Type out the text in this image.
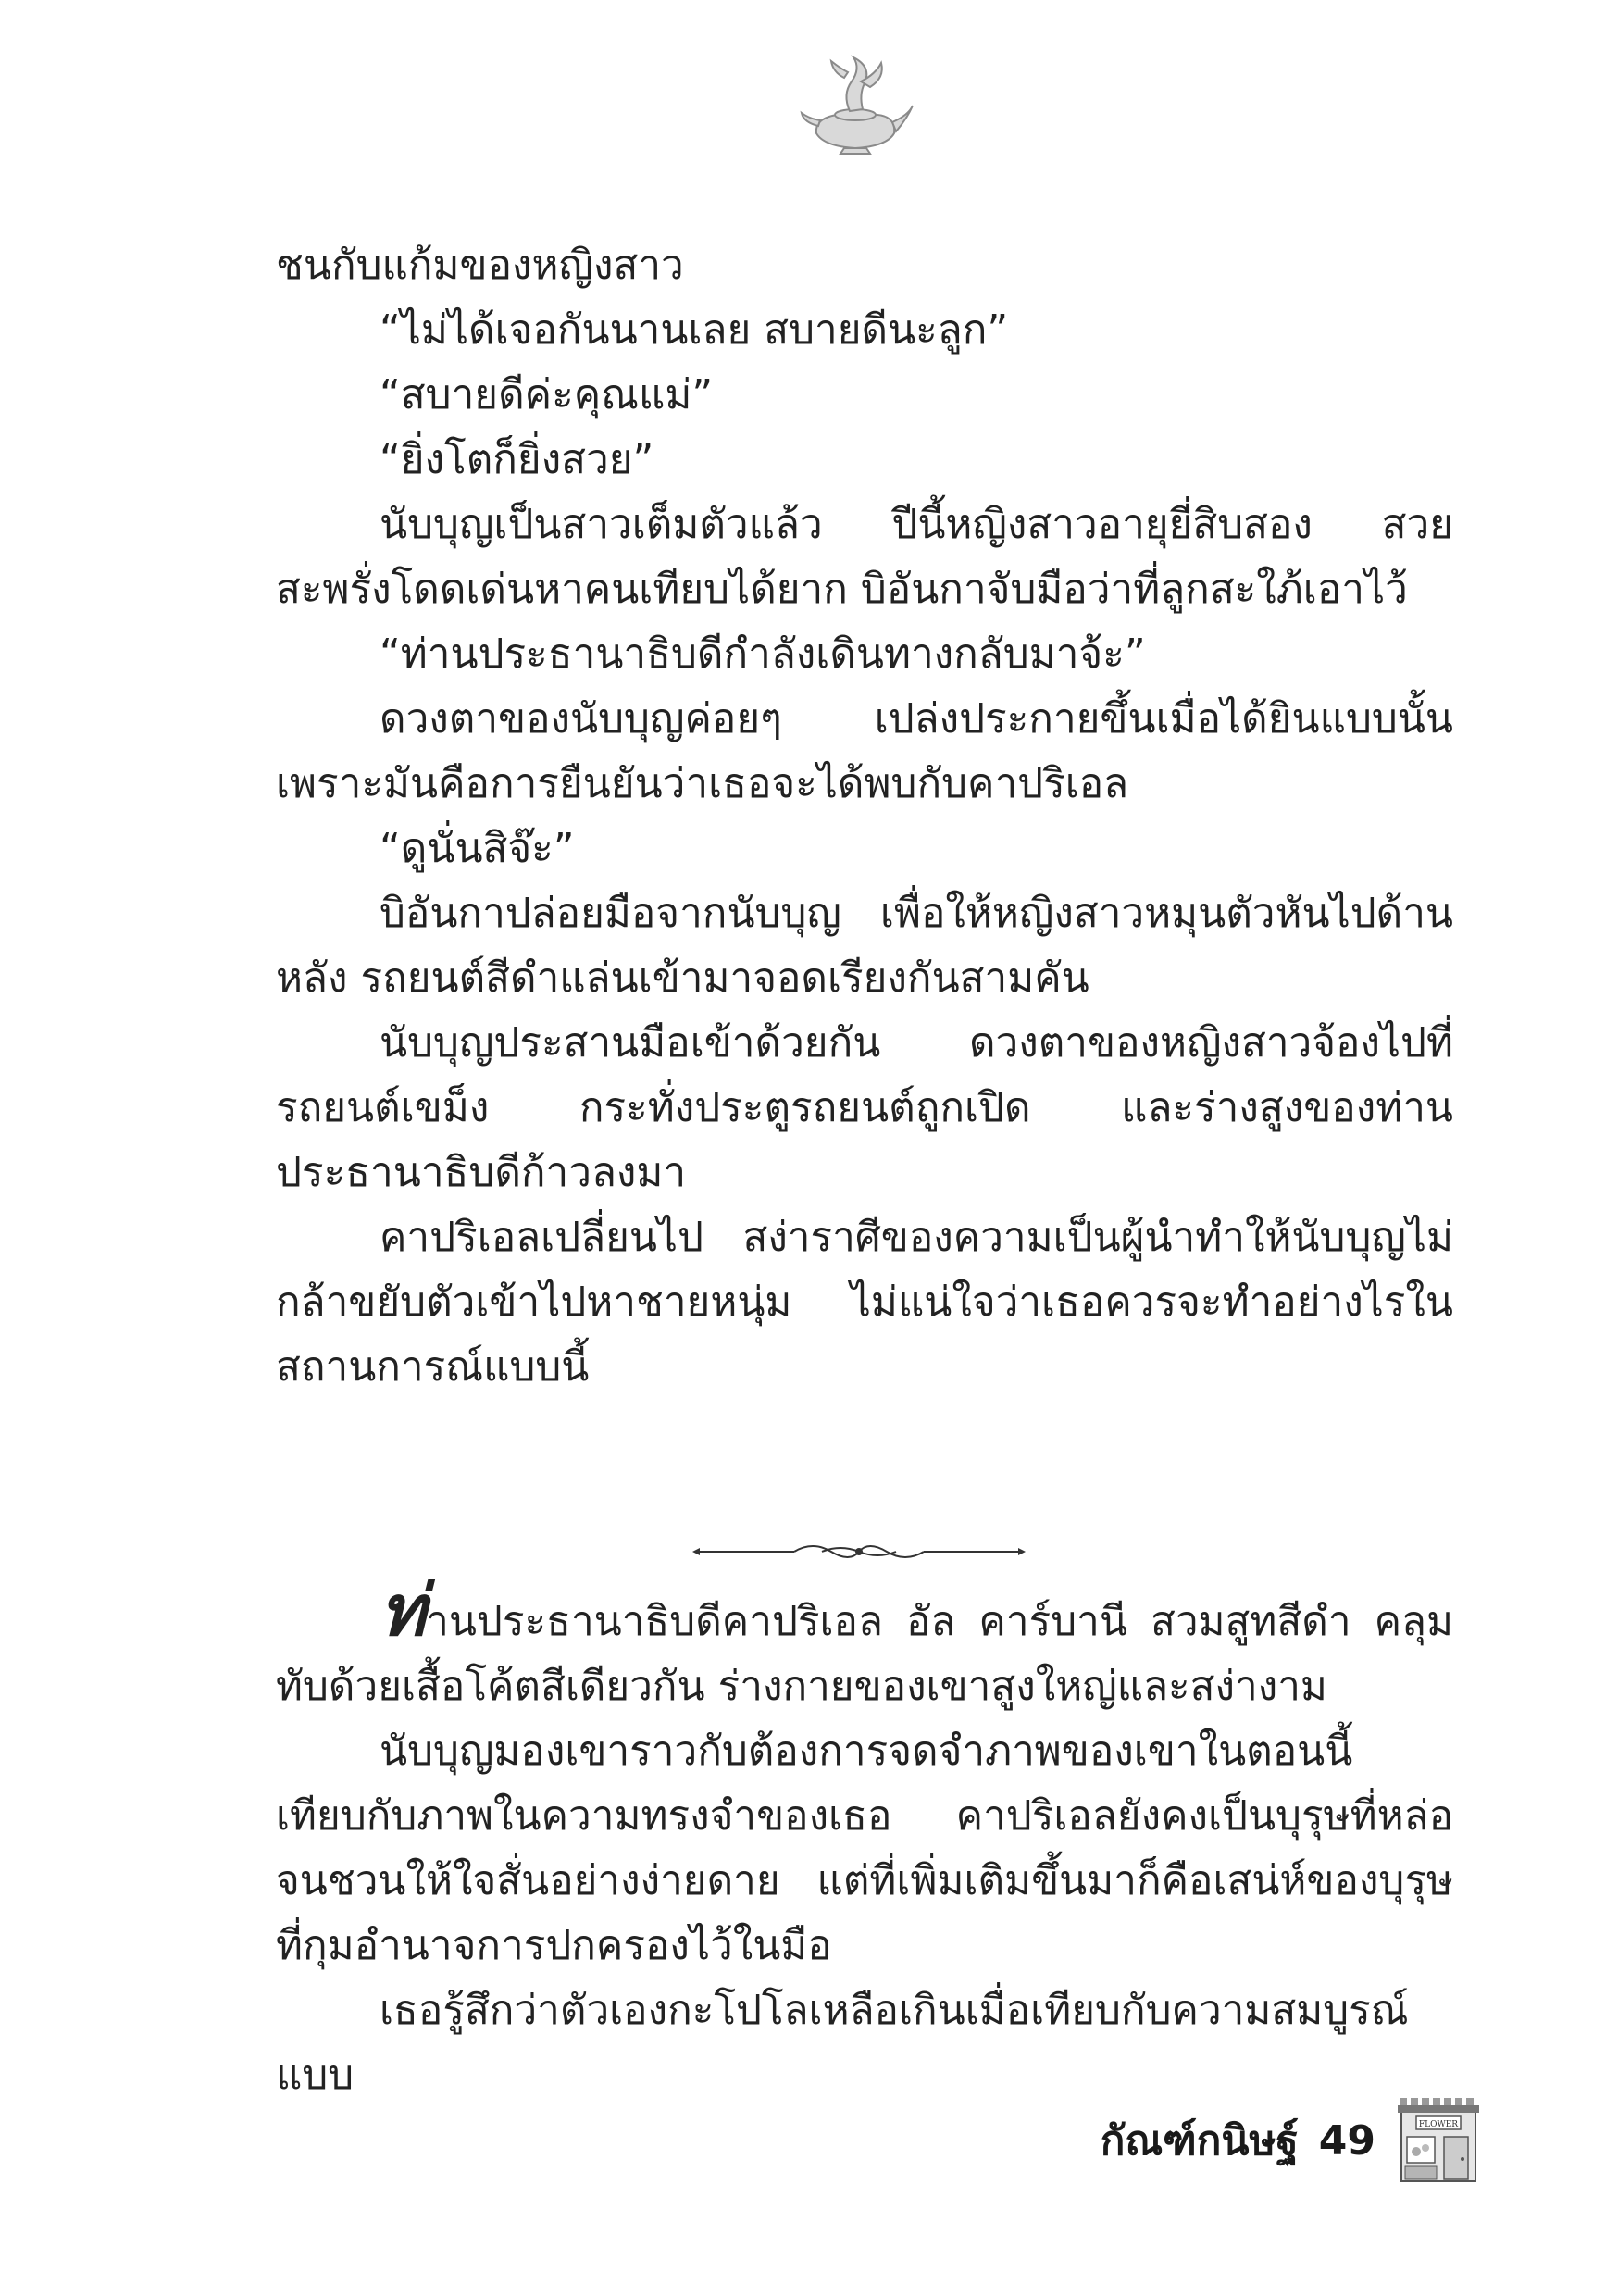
ชนกับแก้มของหญิงสาว

“ไม่ได้เจอกันนานเลย สบายดีนะลูก”

“สบายดีค่ะคุณแม่”

“ยิ่งโตก็ยิ่งสวย”

นับบุญเป็นสาวเต็มตัวแล้ว ปีนี้หญิงสาวอายุยี่สิบสอง สวยสะพรั่งโดดเด่นหาคนเทียบได้ยาก บิอันกาจับมือว่าที่ลูกสะใภ้เอาไว้

“ท่านประธานาธิบดีกำลังเดินทางกลับมาจ้ะ”

ดวงตาของนับบุญค่อยๆ เปล่งประกายขึ้นเมื่อได้ยินแบบนั้น เพราะมันคือการยืนยันว่าเธอจะได้พบกับคาปริเอล

“ดูนั่นสิจ๊ะ”

บิอันกาปล่อยมือจากนับบุญ เพื่อให้หญิงสาวหมุนตัวหันไปด้านหลัง รถยนต์สีดำแล่นเข้ามาจอดเรียงกันสามคัน

นับบุญประสานมือเข้าด้วยกัน ดวงตาของหญิงสาวจ้องไปที่รถยนต์เขม็ง กระทั่งประตูรถยนต์ถูกเปิด และร่างสูงของท่านประธานาธิบดีก้าวลงมา

คาปริเอลเปลี่ยนไป สง่าราศีของความเป็นผู้นำทำให้นับบุญไม่กล้าขยับตัวเข้าไปหาชายหนุ่ม ไม่แน่ใจว่าเธอควรจะทำอย่างไรในสถานการณ์แบบนี้

ท่านประธานาธิบดีคาปริเอล อัล คาร์บานี สวมสูทสีดำ คลุมทับด้วยเสื้อโค้ตสีเดียวกัน ร่างกายของเขาสูงใหญ่และสง่างาม

นับบุญมองเขาราวกับต้องการจดจำภาพของเขาในตอนนี้ เทียบกับภาพในความทรงจำของเธอ คาปริเอลยังคงเป็นบุรุษที่หล่อจนชวนให้ใจสั่นอย่างง่ายดาย แต่ที่เพิ่มเติมขึ้นมาก็คือเสน่ห์ของบุรุษที่กุมอำนาจการปกครองไว้ในมือ

เธอรู้สึกว่าตัวเองกะโปโลเหลือเกินเมื่อเทียบกับความสมบูรณ์แบบ

กัณฑ์กนิษฐ์ 49	FLOWER
